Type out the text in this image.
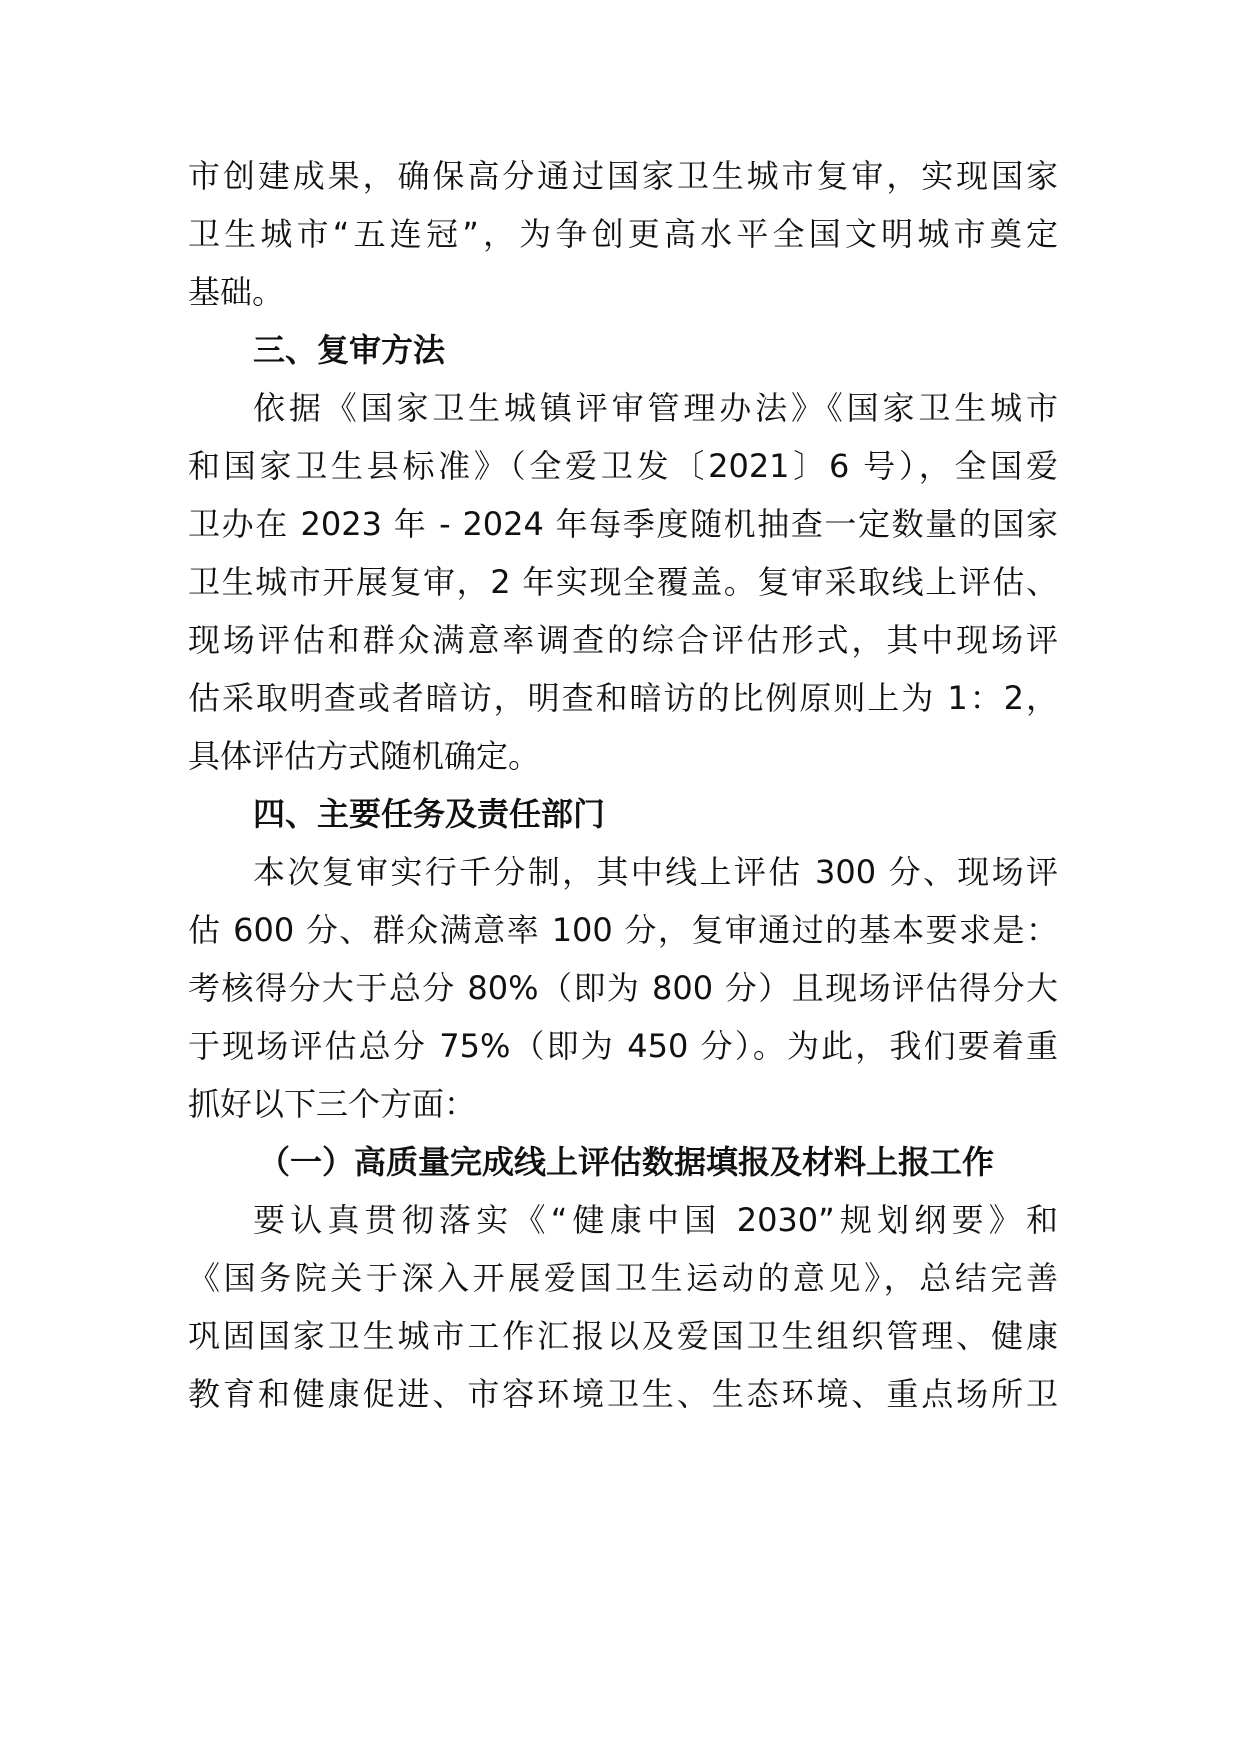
市创建成果，确保高分通过国家卫生城市复审，实现国家
卫生城市“五连冠”，为争创更高水平全国文明城市奠定
基础。
三、复审方法
依据《国家卫生城镇评审管理办法》《国家卫生城市
和国家卫生县标准》（全爱卫发〔2021〕6 号），全国爱
卫办在 2023 年 - 2024 年每季度随机抽查一定数量的国家
卫生城市开展复审，2 年实现全覆盖。复审采取线上评估、
现场评估和群众满意率调查的综合评估形式，其中现场评
估采取明查或者暗访，明查和暗访的比例原则上为 1：2，
具体评估方式随机确定。
四、主要任务及责任部门
本次复审实行千分制，其中线上评估 300 分、现场评
估 600 分、群众满意率 100 分，复审通过的基本要求是：
考核得分大于总分 80%（即为 800 分）且现场评估得分大
于现场评估总分 75%（即为 450 分）。为此，我们要着重
抓好以下三个方面：
（一）高质量完成线上评估数据填报及材料上报工作
要认真贯彻落实《“健康中国 2030”规划纲要》和
《国务院关于深入开展爱国卫生运动的意见》，总结完善
巩固国家卫生城市工作汇报以及爱国卫生组织管理、健康
教育和健康促进、市容环境卫生、生态环境、重点场所卫
